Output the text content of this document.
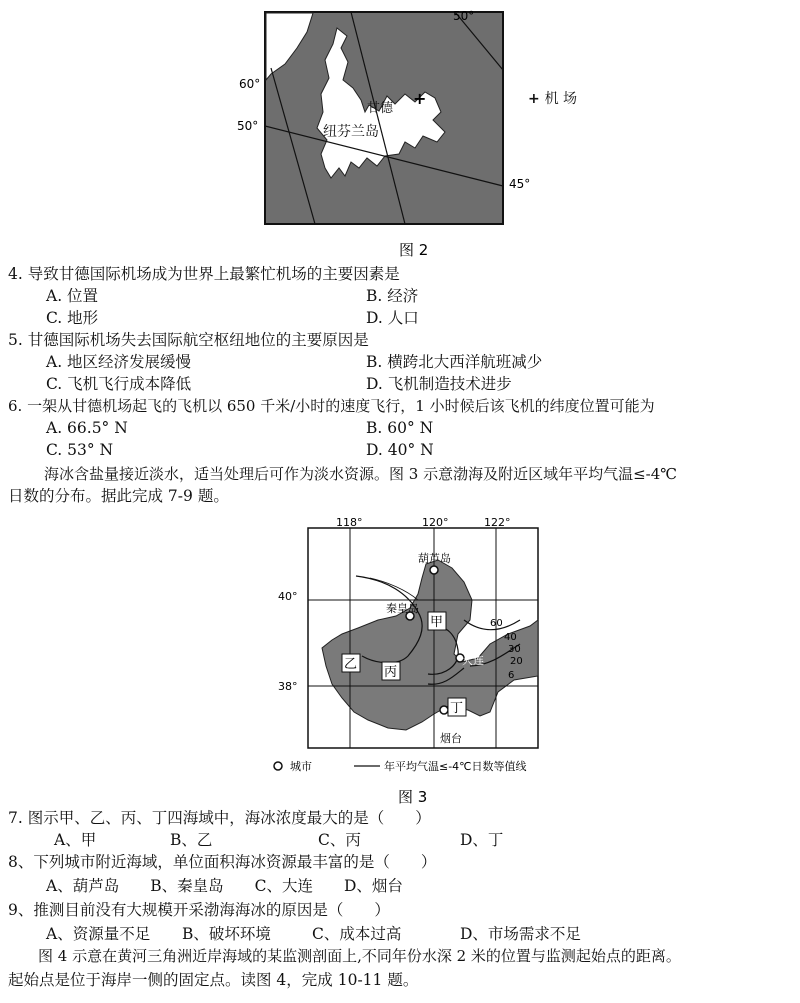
50°
60°
50°
45°
甘德
+
纽芬兰岛
图 2
+ 机 场
4. 导致甘德国际机场成为世界上最繁忙机场的主要因素是
A. 位置	B. 经济
C. 地形	D. 人口
5. 甘德国际机场失去国际航空枢纽地位的主要原因是
A. 地区经济发展缓慢	B. 横跨北大西洋航班减少
C. 飞机飞行成本降低	D. 飞机制造技术进步
6. 一架从甘德机场起飞的飞机以 650 千米/小时的速度飞行，1 小时候后该飞机的纬度位置可能为
A. 66.5° N	B. 60° N
C. 53° N	D. 40° N
海冰含盐量接近淡水，适当处理后可作为淡水资源。图 3 示意渤海及附近区域年平均气温≤-4℃
日数的分布。据此完成 7-9 题。
葫芦岛
秦皇岛
大连
烟台
甲
乙
丙
丁
60
40
30
20
6
118°	120°	122°
40°
38°
城市	年平均气温≤-4℃日数等值线
图 3
7. 图示甲、乙、丙、丁四海域中，海冰浓度最大的是（　　）
A、甲	B、乙	C、丙	D、丁
8、下列城市附近海域，单位面积海冰资源最丰富的是（　　）
A、葫芦岛　　B、秦皇岛　　C、大连　　D、烟台
9、推测目前没有大规模开采渤海海冰的原因是（　　）
A、资源量不足 B、破坏环境	C、成本过高	D、市场需求不足
图 4 示意在黄河三角洲近岸海域的某监测剖面上,不同年份水深 2 米的位置与监测起始点的距离。
起始点是位于海岸一侧的固定点。读图 4，完成 10-11 题。
